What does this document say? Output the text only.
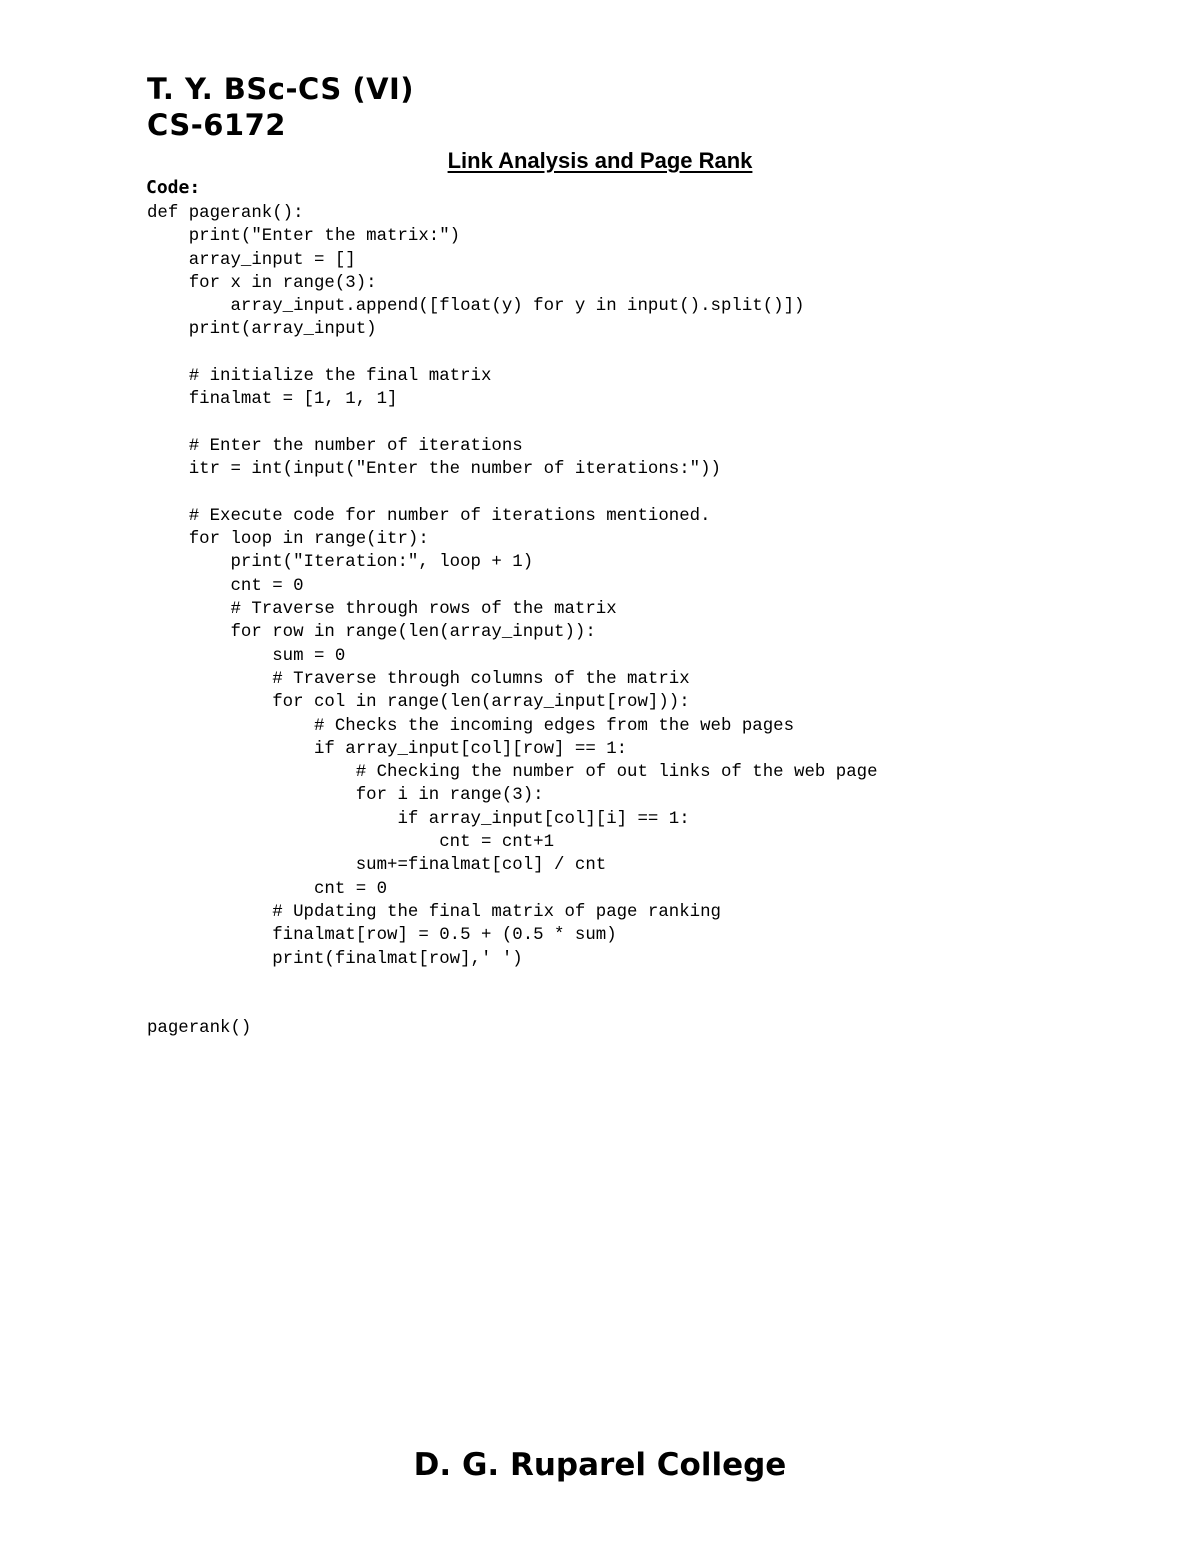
T. Y. BSc-CS (VI)
CS-6172
Link Analysis and Page Rank
Code:
def pagerank():
print("Enter the matrix:")
array_input = []
for x in range(3):
array_input.append([float(y) for y in input().split()])
print(array_input)
# initialize the final matrix
finalmat = [1, 1, 1]
# Enter the number of iterations
itr = int(input("Enter the number of iterations:"))
# Execute code for number of iterations mentioned.
for loop in range(itr):
print("Iteration:", loop + 1)
cnt = 0
# Traverse through rows of the matrix
for row in range(len(array_input)):
sum = 0
# Traverse through columns of the matrix
for col in range(len(array_input[row])):
# Checks the incoming edges from the web pages
if array_input[col][row] == 1:
# Checking the number of out links of the web page
for i in range(3):
if array_input[col][i] == 1:
cnt = cnt+1
sum+=finalmat[col] / cnt
cnt = 0
# Updating the final matrix of page ranking
finalmat[row] = 0.5 + (0.5 * sum)
print(finalmat[row],' ')
pagerank()
D. G. Ruparel College
